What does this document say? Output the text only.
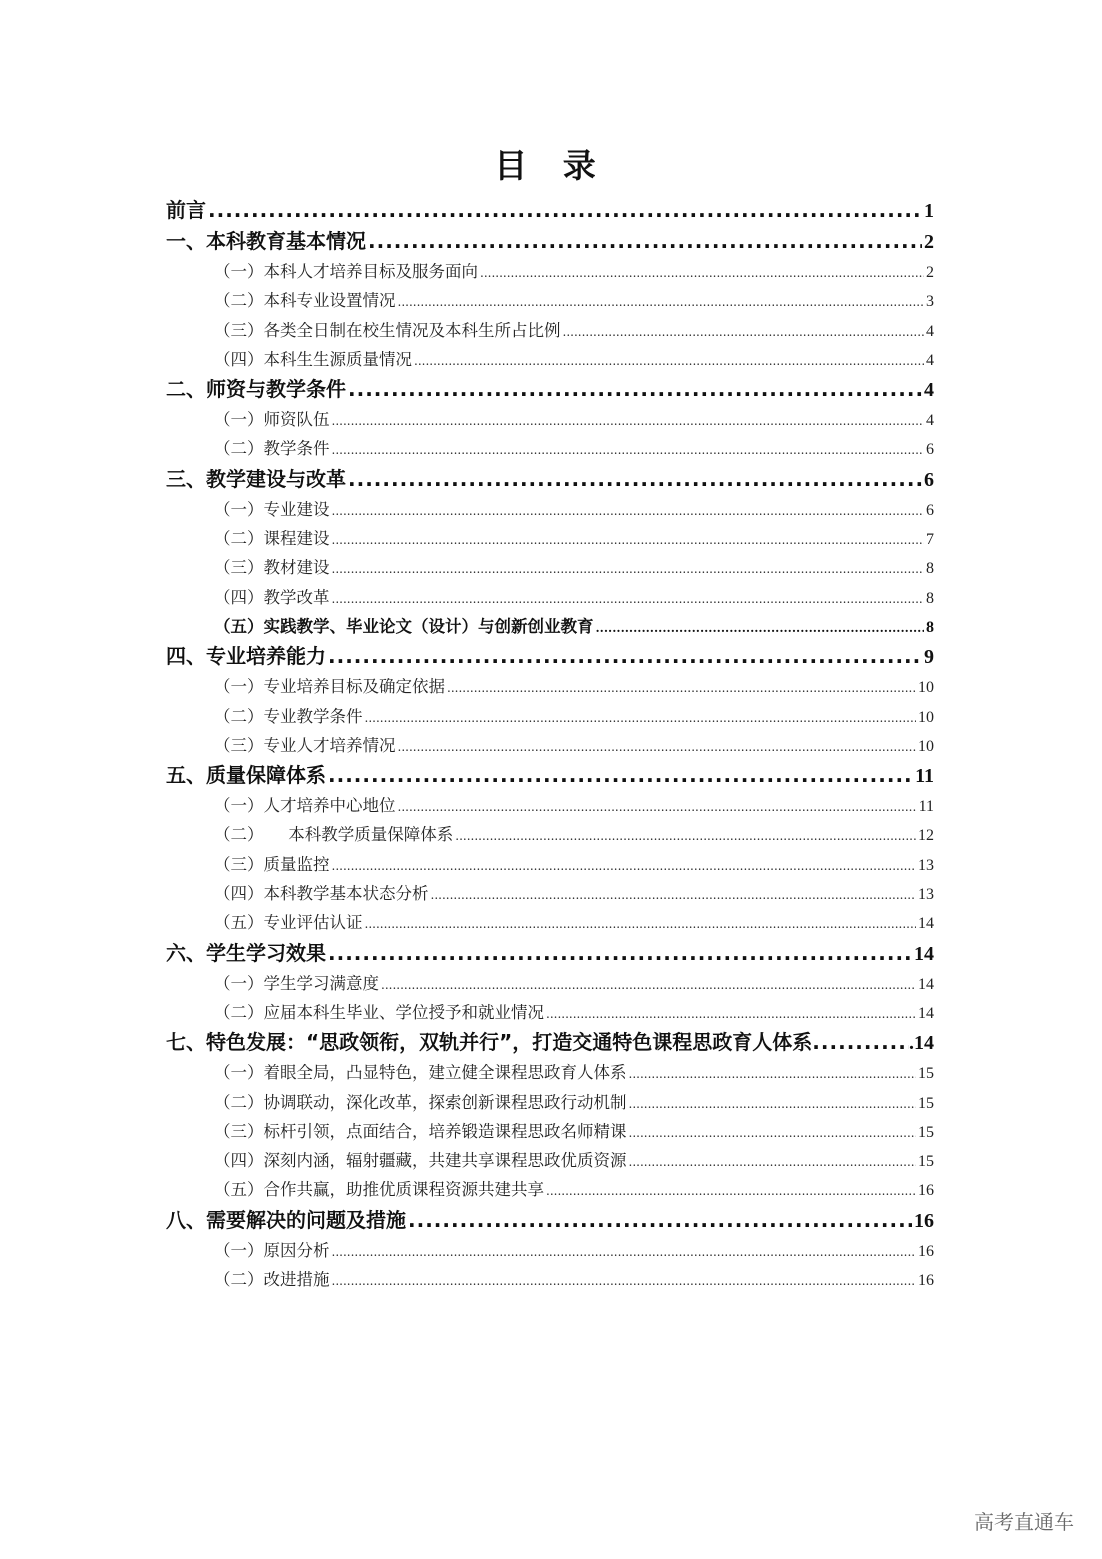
目 录
前言 .....	1
一、本科教育基本情况 .....	2
（一）本科人才培养目标及服务面向 .....	2
（二）本科专业设置情况 .....	3
（三）各类全日制在校生情况及本科生所占比例 .....	4
（四）本科生生源质量情况 .....	4
二、师资与教学条件 .....	4
（一）师资队伍 .....	4
（二）教学条件 .....	6
三、教学建设与改革 .....	6
（一）专业建设 .....	6
（二）课程建设 .....	7
（三）教材建设 .....	8
（四）教学改革 .....	8
（五）实践教学、毕业论文（设计）与创新创业教育 .....	8
四、专业培养能力 .....	9
（一）专业培养目标及确定依据 .....	10
（二）专业教学条件 .....	10
（三）专业人才培养情况 .....	10
五、质量保障体系 .....	11
（一）人才培养中心地位 .....	11
（二）　　本科教学质量保障体系 .....	12
（三）质量监控 .....	13
（四）本科教学基本状态分析 .....	13
（五）专业评估认证 .....	14
六、学生学习效果 .....	14
（一）学生学习满意度 .....	14
（二）应届本科生毕业、学位授予和就业情况 .....	14
七、特色发展：“思政领衔，双轨并行”，打造交通特色课程思政育人体系 .....	.14
（一）着眼全局，凸显特色，建立健全课程思政育人体系 .....	15
（二）协调联动，深化改革，探索创新课程思政行动机制 .....	15
（三）标杆引领，点面结合，培养锻造课程思政名师精课 .....	15
（四）深刻内涵，辐射疆藏，共建共享课程思政优质资源 .....	15
（五）合作共赢，助推优质课程资源共建共享 .....	16
八、需要解决的问题及措施 .....	16
（一）原因分析 .....	16
（二）改进措施 .....	16
高考直通车
